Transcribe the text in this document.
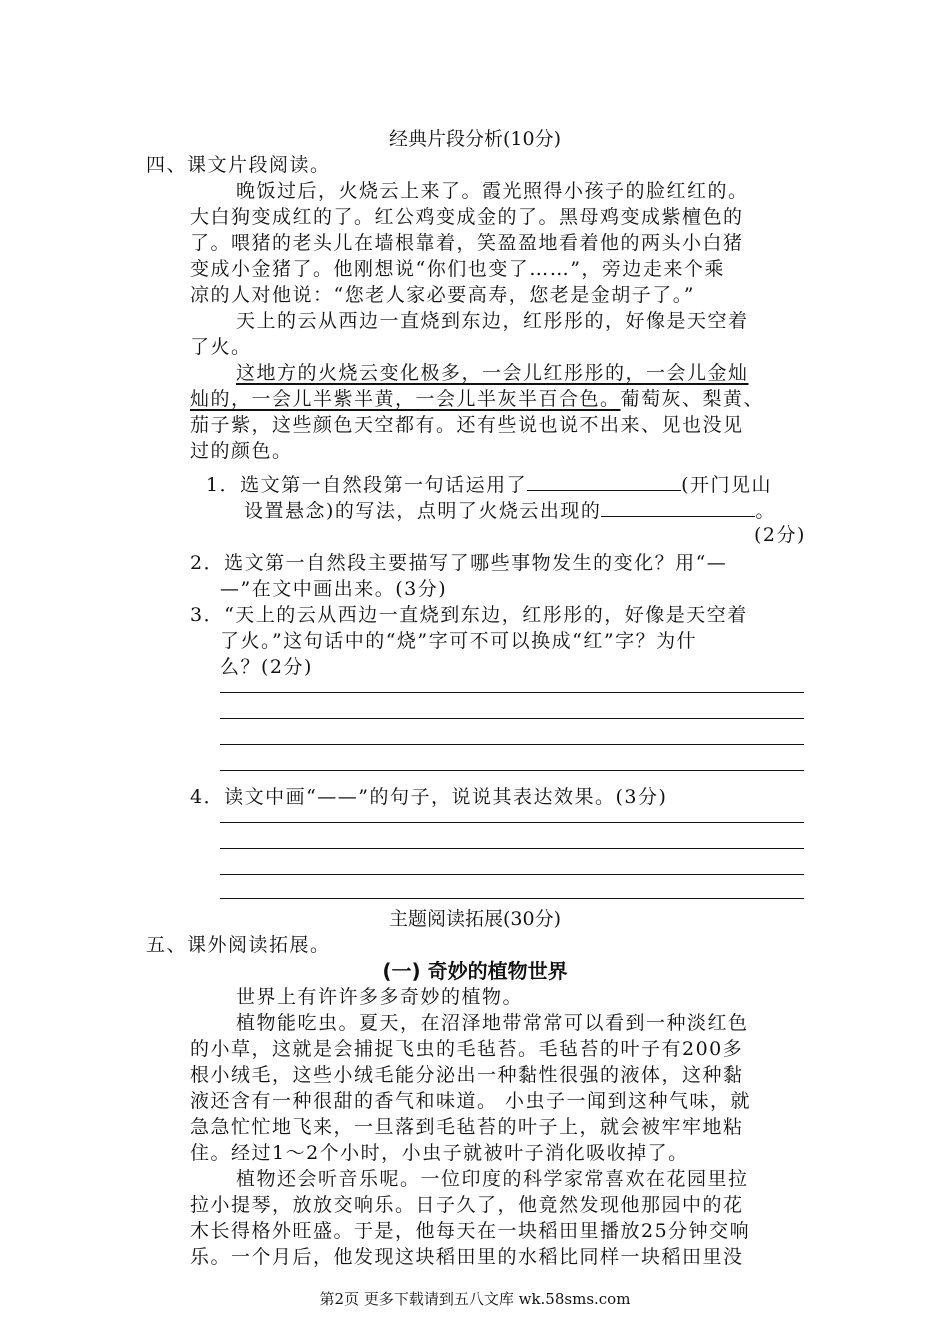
经典片段分析(10分)
四、课文片段阅读。
晚饭过后，火烧云上来了。霞光照得小孩子的脸红红的。
大白狗变成红的了。红公鸡变成金的了。黑母鸡变成紫檀色的
了。喂猪的老头儿在墙根靠着，笑盈盈地看着他的两头小白猪
变成小金猪了。他刚想说“你们也变了……”，旁边走来个乘
凉的人对他说：“您老人家必要高寿，您老是金胡子了。”
天上的云从西边一直烧到东边，红彤彤的，好像是天空着
了火。
这地方的火烧云变化极多，一会儿红彤彤的，一会儿金灿
灿的，一会儿半紫半黄，一会儿半灰半百合色。葡萄灰、梨黄、
茄子紫，这些颜色天空都有。还有些说也说不出来、见也没见
过的颜色。
1．选文第一自然段第一句话运用了	(开门见山
设置悬念)的写法，点明了火烧云出现的	。
(2分)
2．选文第一自然段主要描写了哪些事物发生的变化？用“—
—”在文中画出来。(3分)
3．“天上的云从西边一直烧到东边，红彤彤的，好像是天空着
了火。”这句话中的“烧”字可不可以换成“红”字？为什
么？(2分)
4．读文中画“——”的句子，说说其表达效果。(3分)
主题阅读拓展(30分)
五、课外阅读拓展。
(一) 奇妙的植物世界
世界上有许许多多奇妙的植物。
植物能吃虫。夏天，在沼泽地带常常可以看到一种淡红色
的小草，这就是会捕捉飞虫的毛毡苔。毛毡苔的叶子有200多
根小绒毛，这些小绒毛能分泌出一种黏性很强的液体，这种黏
液还含有一种很甜的香气和味道。 小虫子一闻到这种气味，就
急急忙忙地飞来，一旦落到毛毡苔的叶子上，就会被牢牢地粘
住。经过1～2个小时，小虫子就被叶子消化吸收掉了。
植物还会听音乐呢。一位印度的科学家常喜欢在花园里拉
拉小提琴，放放交响乐。日子久了，他竟然发现他那园中的花
木长得格外旺盛。于是，他每天在一块稻田里播放25分钟交响
乐。一个月后，他发现这块稻田里的水稻比同样一块稻田里没
第2页 更多下载请到五八文库 wk.58sms.com
